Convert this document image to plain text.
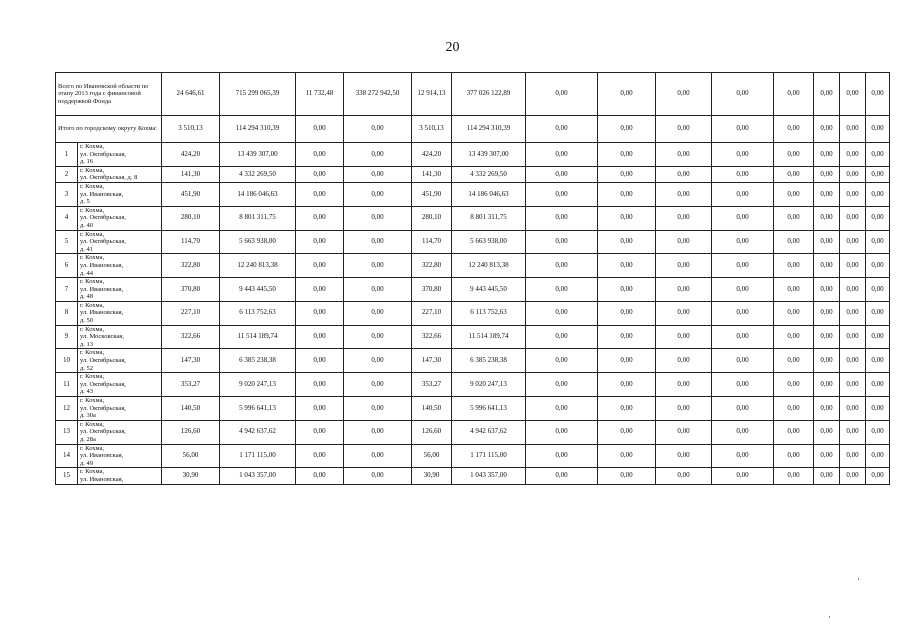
20
Всего по Ивановской области по этапу 2013 года с финансовой поддержкой Фонда		24 646,61	715 299 065,39	11 732,48	338 272 942,50	12 914,13	377 026 122,89	0,00	0,00	0,00	0,00	0,00	0,00	0,00	0,00
Итого по городскому округу Кохма:		3 510,13	114 294 310,39	0,00	0,00	3 510,13	114 294 310,39	0,00	0,00	0,00	0,00	0,00	0,00	0,00	0,00
1	г. Кохма,
ул. Октябрьская,
д. 16	424,20	13 439 307,00	0,00	0,00	424,20	13 439 307,00	0,00	0,00	0,00	0,00	0,00	0,00	0,00	0,00
2	г. Кохма,
ул. Октябрьская, д. 8	141,30	4 332 269,50	0,00	0,00	141,30	4 332 269,50	0,00	0,00	0,00	0,00	0,00	0,00	0,00	0,00
3	г. Кохма,
ул. Ивановская,
д. 5	451,90	14 186 046,63	0,00	0,00	451,90	14 186 046,63	0,00	0,00	0,00	0,00	0,00	0,00	0,00	0,00
4	г. Кохма,
ул. Октябрьская,
д. 40	280,10	8 801 311,75	0,00	0,00	280,10	8 801 311,75	0,00	0,00	0,00	0,00	0,00	0,00	0,00	0,00
5	г. Кохма,
ул. Октябрьская,
д. 41	114,70	5 663 938,00	0,00	0,00	114,70	5 663 938,00	0,00	0,00	0,00	0,00	0,00	0,00	0,00	0,00
6	г. Кохма,
ул. Ивановская,
д. 44	322,80	12 240 813,38	0,00	0,00	322,80	12 240 813,38	0,00	0,00	0,00	0,00	0,00	0,00	0,00	0,00
7	г. Кохма,
ул. Ивановская,
д. 48	370,80	9 443 445,50	0,00	0,00	370,80	9 443 445,50	0,00	0,00	0,00	0,00	0,00	0,00	0,00	0,00
8	г. Кохма,
ул. Ивановская,
д. 50	227,10	6 113 752,63	0,00	0,00	227,10	6 113 752,63	0,00	0,00	0,00	0,00	0,00	0,00	0,00	0,00
9	г. Кохма,
ул. Московская,
д. 13	322,66	11 514 189,74	0,00	0,00	322,66	11 514 189,74	0,00	0,00	0,00	0,00	0,00	0,00	0,00	0,00
10	г. Кохма,
ул. Октябрьская,
д. 52	147,30	6 385 238,38	0,00	0,00	147,30	6 385 238,38	0,00	0,00	0,00	0,00	0,00	0,00	0,00	0,00
11	г. Кохма,
ул. Октябрьская,
д. 43	353,27	9 020 247,13	0,00	0,00	353,27	9 020 247,13	0,00	0,00	0,00	0,00	0,00	0,00	0,00	0,00
12	г. Кохма,
ул. Октябрьская,
д. 30а	140,50	5 996 641,13	0,00	0,00	140,50	5 996 641,13	0,00	0,00	0,00	0,00	0,00	0,00	0,00	0,00
13	г. Кохма,
ул. Октябрьская,
д. 28а	126,60	4 942 637,62	0,00	0,00	126,60	4 942 637,62	0,00	0,00	0,00	0,00	0,00	0,00	0,00	0,00
14	г. Кохма,
ул. Ивановская,
д. 49	56,00	1 171 115,00	0,00	0,00	56,00	1 171 115,00	0,00	0,00	0,00	0,00	0,00	0,00	0,00	0,00
15	г. Кохма,
ул. Ивановская,	30,90	1 043 357,00	0,00	0,00	30,90	1 043 357,00	0,00	0,00	0,00	0,00	0,00	0,00	0,00	0,00
·
·
